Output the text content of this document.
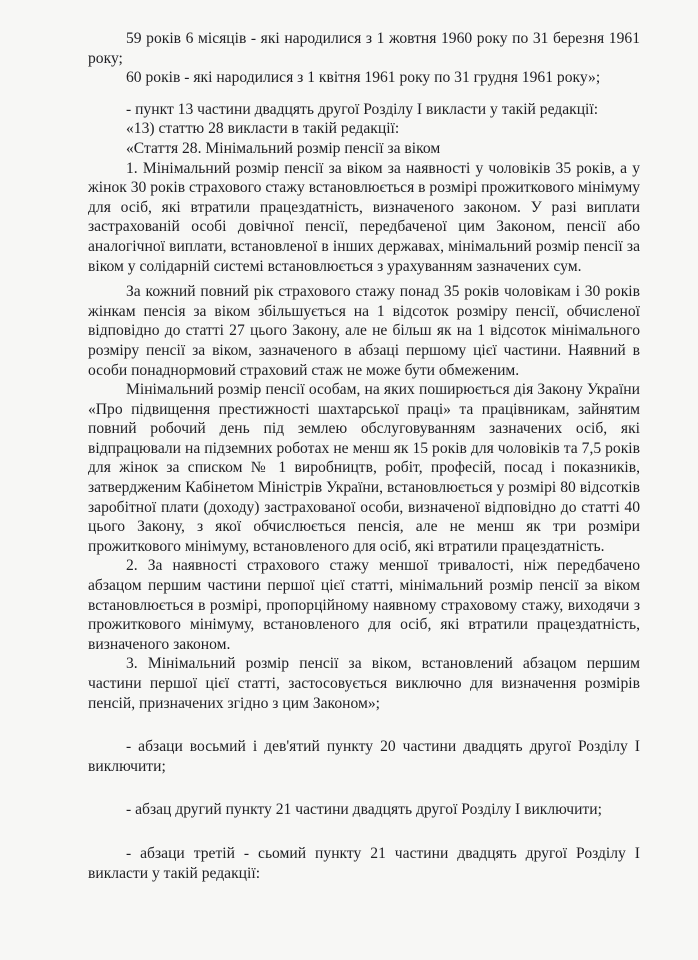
59 років 6 місяців - які народилися з 1 жовтня 1960 року по 31 березня 1961 року;

60 років - які народилися з 1 квітня 1961 року по 31 грудня 1961 року»;

- пункт 13 частини двадцять другої Розділу I викласти у такій редакції:

«13) статтю 28 викласти в такій редакції:

«Стаття 28. Мінімальний розмір пенсії за віком

1. Мінімальний розмір пенсії за віком за наявності у чоловіків 35 років, а у жінок 30 років страхового стажу встановлюється в розмірі прожиткового мінімуму для осіб, які втратили працездатність, визначеного законом. У разі виплати застрахованій особі довічної пенсії, передбаченої цим Законом, пенсії або аналогічної виплати, встановленої в інших державах, мінімальний розмір пенсії за віком у солідарній системі встановлюється з урахуванням зазначених сум.

За кожний повний рік страхового стажу понад 35 років чоловікам і 30 років жінкам пенсія за віком збільшується на 1 відсоток розміру пенсії, обчисленої відповідно до статті 27 цього Закону, але не більш як на 1 відсоток мінімального розміру пенсії за віком, зазначеного в абзаці першому цієї частини. Наявний в особи понаднормовий страховий стаж не може бути обмеженим.

Мінімальний розмір пенсії особам, на яких поширюється дія Закону України «Про підвищення престижності шахтарської праці» та працівникам, зайнятим повний робочий день під землею обслуговуванням зазначених осіб, які відпрацювали на підземних роботах не менш як 15 років для чоловіків та 7,5 років для жінок за списком № 1 виробництв, робіт, професій, посад і показників, затвердженим Кабінетом Міністрів України, встановлюється у розмірі 80 відсотків заробітної плати (доходу) застрахованої особи, визначеної відповідно до статті 40 цього Закону, з якої обчислюється пенсія, але не менш як три розміри прожиткового мінімуму, встановленого для осіб, які втратили працездатність.

2. За наявності страхового стажу меншої тривалості, ніж передбачено абзацом першим частини першої цієї статті, мінімальний розмір пенсії за віком встановлюється в розмірі, пропорційному наявному страховому стажу, виходячи з прожиткового мінімуму, встановленого для осіб, які втратили працездатність, визначеного законом.

3. Мінімальний розмір пенсії за віком, встановлений абзацом першим частини першої цієї статті, застосовується виключно для визначення розмірів пенсій, призначених згідно з цим Законом»;

- абзаци восьмий і дев'ятий пункту 20 частини двадцять другої Розділу I виключити;

- абзац другий пункту 21 частини двадцять другої Розділу I виключити;

- абзаци третій - сьомий пункту 21 частини двадцять другої Розділу I викласти у такій редакції:
